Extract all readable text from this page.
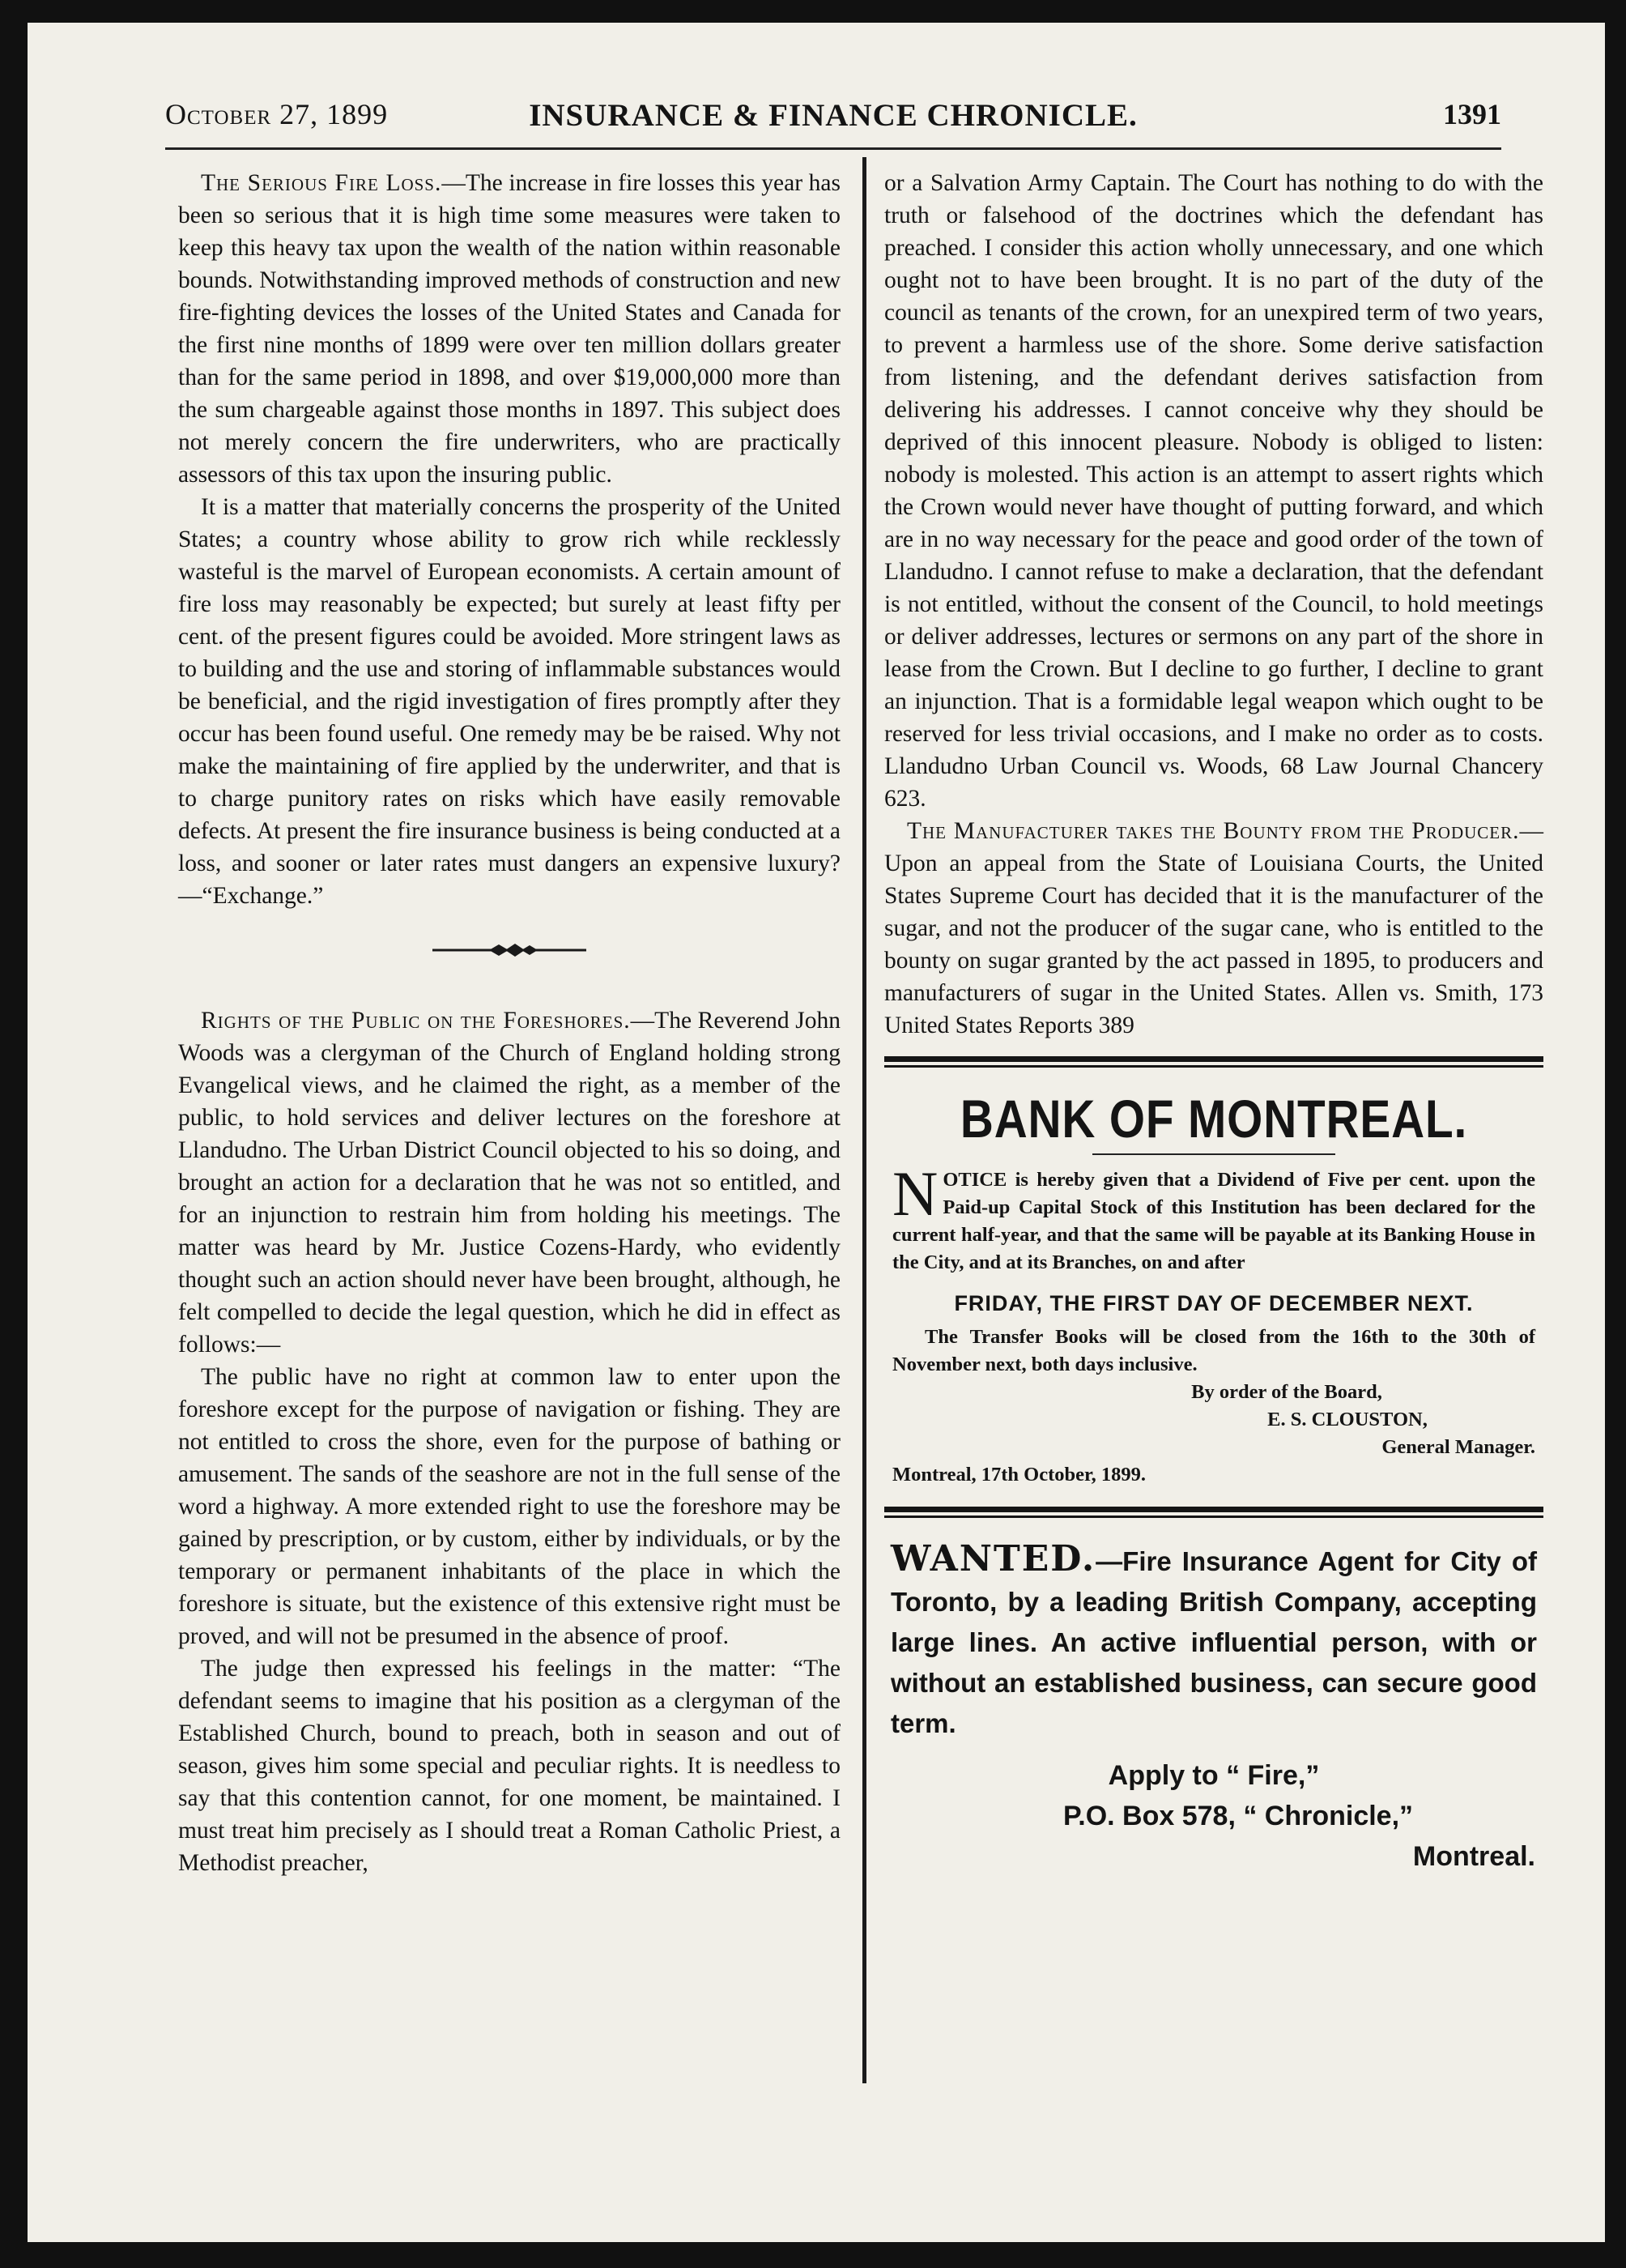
October 27, 1899	INSURANCE & FINANCE CHRONICLE.	1391

The Serious Fire Loss.—The increase in fire losses this year has been so serious that it is high time some measures were taken to keep this heavy tax upon the wealth of the nation within reasonable bounds. Notwithstanding improved methods of construction and new fire-fighting devices the losses of the United States and Canada for the first nine months of 1899 were over ten million dollars greater than for the same period in 1898, and over $19,000,000 more than the sum chargeable against those months in 1897. This subject does not merely concern the fire underwriters, who are practically assessors of this tax upon the insuring public.

It is a matter that materially concerns the prosperity of the United States; a country whose ability to grow rich while recklessly wasteful is the marvel of European economists. A certain amount of fire loss may reasonably be expected; but surely at least fifty per cent. of the present figures could be avoided. More stringent laws as to building and the use and storing of inflammable substances would be beneficial, and the rigid investigation of fires promptly after they occur has been found useful. One remedy may be be raised. Why not make the maintaining of fire applied by the underwriter, and that is to charge punitory rates on risks which have easily removable defects. At present the fire insurance business is being conducted at a loss, and sooner or later rates must dangers an expensive luxury?—“Exchange.”

Rights of the Public on the Foreshores.—The Reverend John Woods was a clergyman of the Church of England holding strong Evangelical views, and he claimed the right, as a member of the public, to hold services and deliver lectures on the foreshore at Llandudno. The Urban District Council objected to his so doing, and brought an action for a declaration that he was not so entitled, and for an injunction to restrain him from holding his meetings. The matter was heard by Mr. Justice Cozens-Hardy, who evidently thought such an action should never have been brought, although, he felt compelled to decide the legal question, which he did in effect as follows:—

The public have no right at common law to enter upon the foreshore except for the purpose of navigation or fishing. They are not entitled to cross the shore, even for the purpose of bathing or amusement. The sands of the seashore are not in the full sense of the word a highway. A more extended right to use the foreshore may be gained by prescription, or by custom, either by individuals, or by the temporary or permanent inhabitants of the place in which the foreshore is situate, but the existence of this extensive right must be proved, and will not be presumed in the absence of proof.

The judge then expressed his feelings in the matter: “The defendant seems to imagine that his position as a clergyman of the Established Church, bound to preach, both in season and out of season, gives him some special and peculiar rights. It is needless to say that this contention cannot, for one moment, be maintained. I must treat him precisely as I should treat a Roman Catholic Priest, a Methodist preacher,

or a Salvation Army Captain. The Court has nothing to do with the truth or falsehood of the doctrines which the defendant has preached. I consider this action wholly unnecessary, and one which ought not to have been brought. It is no part of the duty of the council as tenants of the crown, for an unexpired term of two years, to prevent a harmless use of the shore. Some derive satisfaction from listening, and the defendant derives satisfaction from delivering his addresses. I cannot conceive why they should be deprived of this innocent pleasure. Nobody is obliged to listen: nobody is molested. This action is an attempt to assert rights which the Crown would never have thought of putting forward, and which are in no way necessary for the peace and good order of the town of Llandudno. I cannot refuse to make a declaration, that the defendant is not entitled, without the consent of the Council, to hold meetings or deliver addresses, lectures or sermons on any part of the shore in lease from the Crown. But I decline to go further, I decline to grant an injunction. That is a formidable legal weapon which ought to be reserved for less trivial occasions, and I make no order as to costs. Llandudno Urban Council vs. Woods, 68 Law Journal Chancery 623.

The Manufacturer takes the Bounty from the Producer.—Upon an appeal from the State of Louisiana Courts, the United States Supreme Court has decided that it is the manufacturer of the sugar, and not the producer of the sugar cane, who is entitled to the bounty on sugar granted by the act passed in 1895, to producers and manufacturers of sugar in the United States. Allen vs. Smith, 173 United States Reports 389

BANK OF MONTREAL.
NOTICE is hereby given that a Dividend of Five per cent. upon the Paid-up Capital Stock of this Institution has been declared for the current half-year, and that the same will be payable at its Banking House in the City, and at its Branches, on and after
FRIDAY, THE FIRST DAY OF DECEMBER NEXT.
The Transfer Books will be closed from the 16th to the 30th of November next, both days inclusive.
By order of the Board,
E. S. CLOUSTON,
General Manager.
Montreal, 17th October, 1899.
WANTED.—Fire Insurance Agent for City of Toronto, by a leading British Company, accepting large lines. An active influential person, with or without an established business, can secure good term.
Apply to “ Fire,”
P.O. Box 578, “ Chronicle,”
Montreal.
